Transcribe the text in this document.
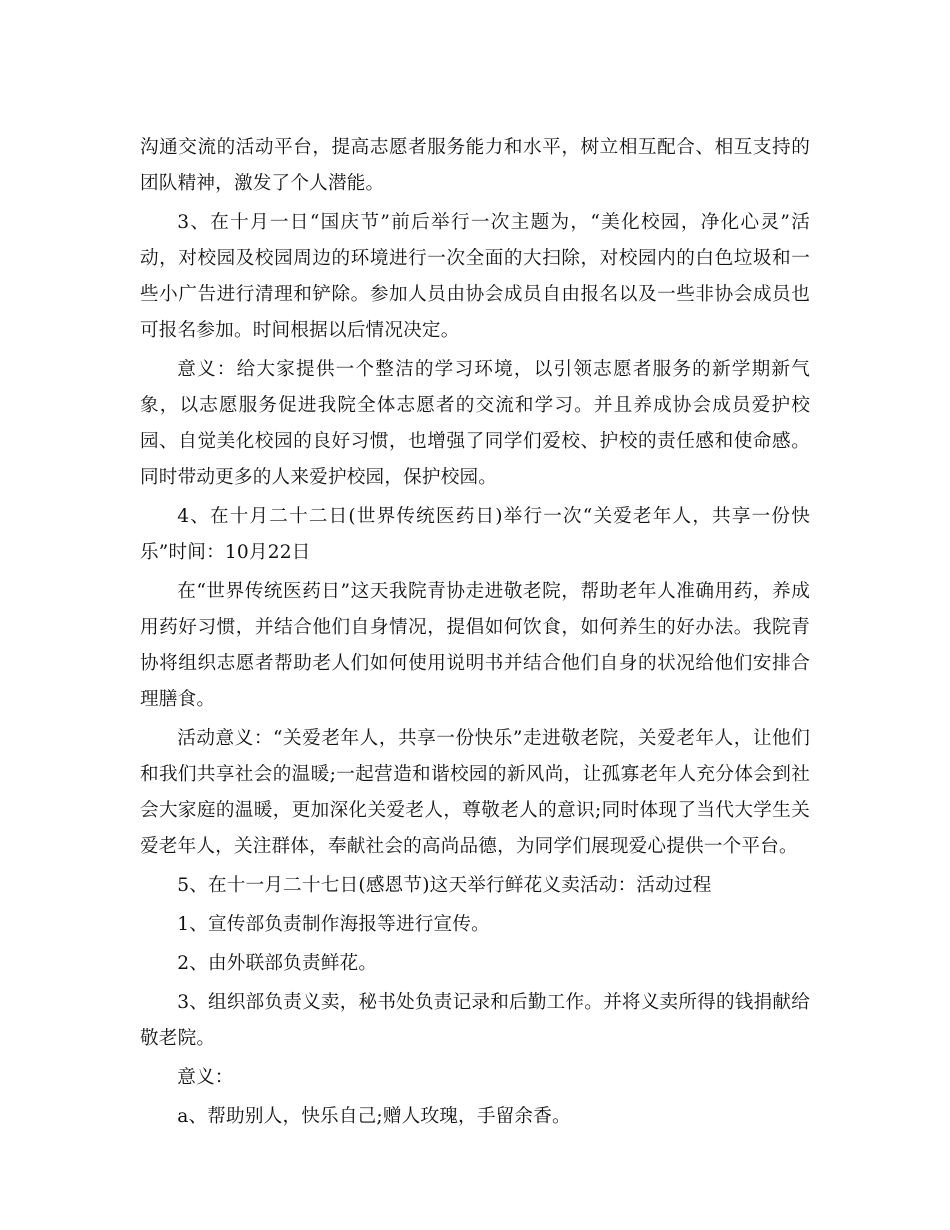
沟通交流的活动平台，提高志愿者服务能力和水平，树立相互配合、相互支持的团队精神，激发了个人潜能。

3、在十月一日“国庆节”前后举行一次主题为，“美化校园，净化心灵”活动，对校园及校园周边的环境进行一次全面的大扫除，对校园内的白色垃圾和一些小广告进行清理和铲除。参加人员由协会成员自由报名以及一些非协会成员也可报名参加。时间根据以后情况决定。

意义：给大家提供一个整洁的学习环境，以引领志愿者服务的新学期新气象，以志愿服务促进我院全体志愿者的交流和学习。并且养成协会成员爱护校园、自觉美化校园的良好习惯，也增强了同学们爱校、护校的责任感和使命感。同时带动更多的人来爱护校园，保护校园。

4、在十月二十二日(世界传统医药日)举行一次“关爱老年人，共享一份快乐”时间：10月22日

在“世界传统医药日”这天我院青协走进敬老院，帮助老年人准确用药，养成用药好习惯，并结合他们自身情况，提倡如何饮食，如何养生的好办法。我院青协将组织志愿者帮助老人们如何使用说明书并结合他们自身的状况给他们安排合理膳食。

活动意义：“关爱老年人，共享一份快乐”走进敬老院，关爱老年人，让他们和我们共享社会的温暖;一起营造和谐校园的新风尚，让孤寡老年人充分体会到社会大家庭的温暖，更加深化关爱老人，尊敬老人的意识;同时体现了当代大学生关爱老年人，关注群体，奉献社会的高尚品德，为同学们展现爱心提供一个平台。

5、在十一月二十七日(感恩节)这天举行鲜花义卖活动：活动过程

1、宣传部负责制作海报等进行宣传。

2、由外联部负责鲜花。

3、组织部负责义卖，秘书处负责记录和后勤工作。并将义卖所得的钱捐献给敬老院。

意义：

a、帮助别人，快乐自己;赠人玫瑰，手留余香。
